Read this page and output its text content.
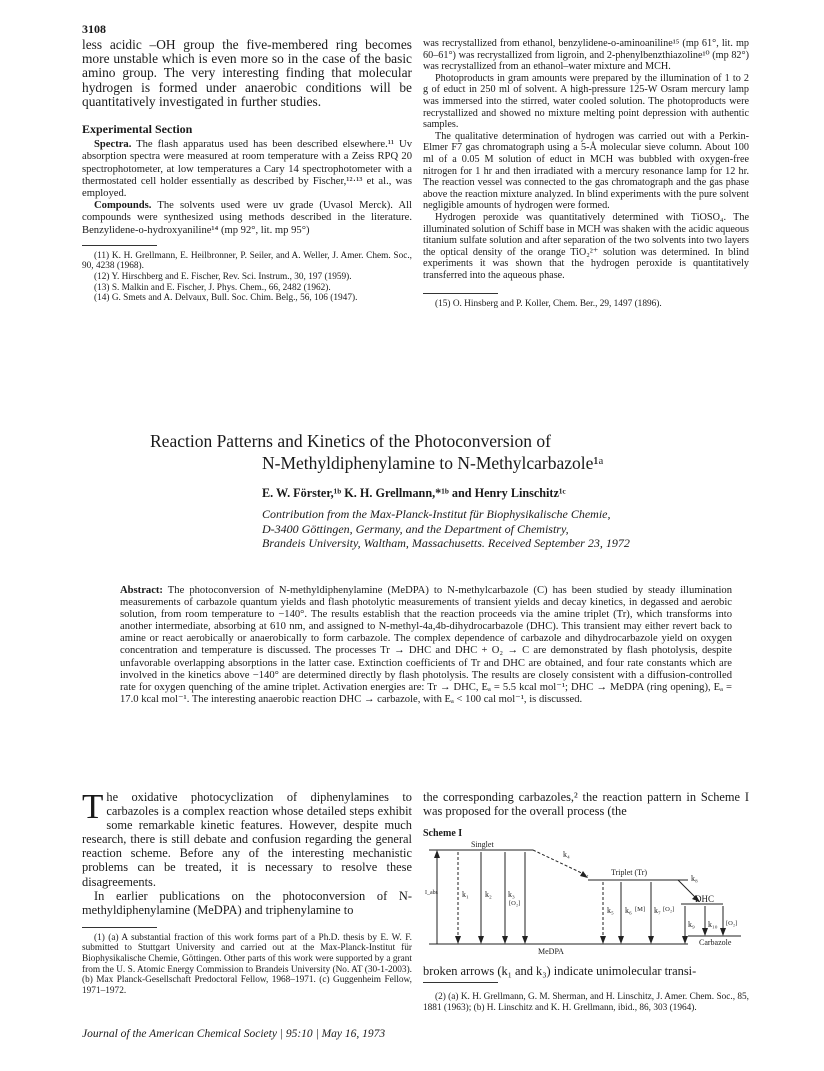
3108

less acidic –OH group the five-membered ring becomes more unstable which is even more so in the case of the basic amino group. The very interesting finding that molecular hydrogen is formed under anaerobic conditions will be quantitatively investigated in further studies.

Experimental Section

Spectra. The flash apparatus used has been described elsewhere.¹¹ Uv absorption spectra were measured at room temperature with a Zeiss RPQ 20 spectrophotometer, at low temperatures a Cary 14 spectrophotometer with a thermostated cell holder essentially as described by Fischer,¹²·¹³ et al., was employed.

Compounds. The solvents used were uv grade (Uvasol Merck). All compounds were synthesized using methods described in the literature. Benzylidene-o-hydroxyaniline¹⁴ (mp 92°, lit. mp 95°)

(11) K. H. Grellmann, E. Heilbronner, P. Seiler, and A. Weller, J. Amer. Chem. Soc., 90, 4238 (1968).

(12) Y. Hirschberg and E. Fischer, Rev. Sci. Instrum., 30, 197 (1959).

(13) S. Malkin and E. Fischer, J. Phys. Chem., 66, 2482 (1962).

(14) G. Smets and A. Delvaux, Bull. Soc. Chim. Belg., 56, 106 (1947).

was recrystallized from ethanol, benzylidene-o-aminoaniline¹⁵ (mp 61°, lit. mp 60–61°) was recrystallized from ligroin, and 2-phenylbenzthiazoline¹⁰ (mp 82°) was recrystallized from an ethanol–water mixture and MCH.

Photoproducts in gram amounts were prepared by the illumination of 1 to 2 g of educt in 250 ml of solvent. A high-pressure 125-W Osram mercury lamp was immersed into the stirred, water cooled solution. The photoproducts were recrystallized and showed no mixture melting point depression with authentic samples.

The qualitative determination of hydrogen was carried out with a Perkin-Elmer F7 gas chromatograph using a 5-Å molecular sieve column. About 100 ml of a 0.05 M solution of educt in MCH was bubbled with oxygen-free nitrogen for 1 hr and then irradiated with a mercury resonance lamp for 12 hr. The reaction vessel was connected to the gas chromatograph and the gas phase above the reaction mixture analyzed. In blind experiments with the pure solvent negligible amounts of hydrogen were formed.

Hydrogen peroxide was quantitatively determined with TiOSO₄. The illuminated solution of Schiff base in MCH was shaken with the acidic aqueous titanium sulfate solution and after separation of the two solvents into two layers the optical density of the orange TiO₂²⁺ solution was determined. In blind experiments it was shown that the hydrogen peroxide is quantitatively transferred into the aqueous phase.

(15) O. Hinsberg and P. Koller, Chem. Ber., 29, 1497 (1896).

Reaction Patterns and Kinetics of the Photoconversion of
N-Methyldiphenylamine to N-Methylcarbazole¹ᵃ
E. W. Förster,¹ᵇ K. H. Grellmann,*¹ᵇ and Henry Linschitz¹ᶜ
Contribution from the Max-Planck-Institut für Biophysikalische Chemie,
D-3400 Göttingen, Germany, and the Department of Chemistry,
Brandeis University, Waltham, Massachusetts. Received September 23, 1972
Abstract: The photoconversion of N-methyldiphenylamine (MeDPA) to N-methylcarbazole (C) has been studied by steady illumination measurements of carbazole quantum yields and flash photolytic measurements of transient yields and decay kinetics, in degassed and aerobic solution, from room temperature to −140°. The results establish that the reaction proceeds via the amine triplet (Tr), which transforms into another intermediate, absorbing at 610 nm, and assigned to N-methyl-4a,4b-dihydrocarbazole (DHC). This transient may either revert back to amine or react aerobically or anaerobically to form carbazole. The complex dependence of carbazole and dihydrocarbazole yield on oxygen concentration and temperature is discussed. The processes Tr → DHC and DHC + O₂ → C are demonstrated by flash photolysis, despite unfavorable overlapping absorptions in the latter case. Extinction coefficients of Tr and DHC are obtained, and four rate constants which are involved in the kinetics above −140° are determined directly by flash photolysis. The results are closely consistent with a diffusion-controlled rate for oxygen quenching of the amine triplet. Activation energies are: Tr → DHC, Eₐ = 5.5 kcal mol⁻¹; DHC → MeDPA (ring opening), Eₐ = 17.0 kcal mol⁻¹. The interesting anaerobic reaction DHC → carbazole, with Eₐ < 100 cal mol⁻¹, is discussed.

The oxidative photocyclization of diphenylamines to carbazoles is a complex reaction whose detailed steps exhibit some remarkable kinetic features. However, despite much research, there is still debate and confusion regarding the general reaction scheme. Before any of the interesting mechanistic problems can be treated, it is necessary to resolve these disagreements.

In earlier publications on the photoconversion of N-methyldiphenylamine (MeDPA) and triphenylamine to

(1) (a) A substantial fraction of this work forms part of a Ph.D. thesis by E. W. F. submitted to Stuttgart University and carried out at the Max-Planck-Institut für Biophysikalische Chemie, Göttingen. Other parts of this work were supported by a grant from the U. S. Atomic Energy Commission to Brandeis University (No. AT (30-1-2003). (b) Max Planck-Gesellschaft Predoctoral Fellow, 1968–1971. (c) Guggenheim Fellow, 1971–1972.

the corresponding carbazoles,² the reaction pattern in Scheme I was proposed for the overall process (the

Scheme I
Singlet
Triplet (Tr)
DHC
MeDPA
Carbazole
I_abs	k₁ k₂ k₃
[O₂]
k₄
k₅ k₆ [M] k₇ [O₂]
k₈
k₉ k₁₀ [O₂]

broken arrows (k₁ and k₃) indicate unimolecular transi-

(2) (a) K. H. Grellmann, G. M. Sherman, and H. Linschitz, J. Amer. Chem. Soc., 85, 1881 (1963); (b) H. Linschitz and K. H. Grellmann, ibid., 86, 303 (1964).

Journal of the American Chemical Society | 95:10 | May 16, 1973
